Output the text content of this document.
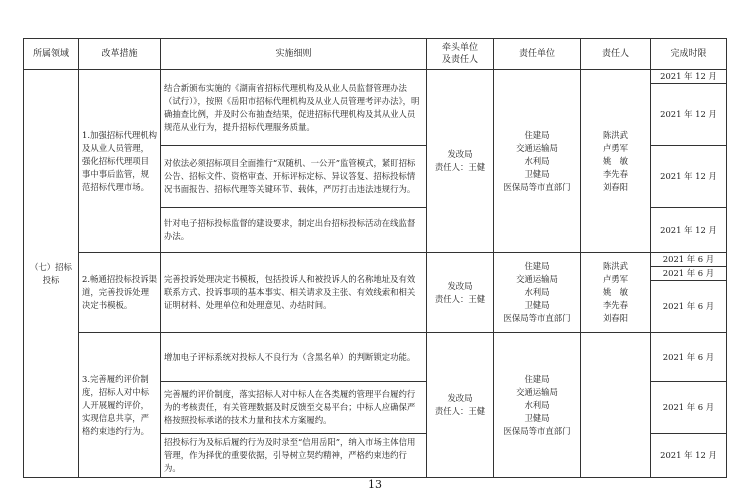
所属领域	改革措施	实施细则	牵头单位
及责任人	责任单位	责任人	完成时限
（七）招标投标	1.加强招标代理机构及从业人员管理，强化招标代理项目事中事后监管，规范招标代理市场。	结合新颁布实施的《湖南省招标代理机构及从业人员监督管理办法（试行）》，按照《岳阳市招标代理机构及从业人员管理考评办法》，明确抽查比例，并及时公布抽查结果，促进招标代理机构及其从业人员规范从业行为，提升招标代理服务质量。	发改局
责任人：王健	住建局
交通运输局
水利局
卫健局
医保局等市直部门	陈洪武
卢勇军
姚　敏
李先春
刘春阳	2021 年 12 月
						2021 年 12 月
		对依法必须招标项目全面推行“双随机、一公开”监管模式，紧盯招标公告、招标文件、资格审查、开标评标定标、异议答复、招标投标情况书面报告、招标代理等关键环节、载体，严厉打击违法违规行为。				2021 年 12 月

		针对电子招标投标监督的建设要求，制定出台招标投标活动在线监督办法。				2021 年 12 月
	2.畅通招投标投诉渠道，完善投诉处理决定书模板。	完善投诉处理决定书模板，包括投诉人和被投诉人的名称地址及有效联系方式、投诉事项的基本事实、相关请求及主张、有效线索和相关证明材料、处理单位和处理意见、办结时间。	发改局
责任人：王健	住建局
交通运输局
水利局
卫健局
医保局等市直部门	陈洪武
卢勇军
姚　敏
李先春
刘春阳	2021 年 6 月
						2021 年 6 月
						2021 年 6 月
	3.完善履约评价制度，招标人对中标人开展履约评价，实现信息共享，严格约束违约行为。	增加电子评标系统对投标人不良行为（含黑名单）的判断锁定功能。	发改局
责任人：王健	住建局
交通运输局
水利局
卫健局
医保局等市直部门		2021 年 6 月
		完善履约评价制度，落实招标人对中标人在各类履约管理平台履约行为的考核责任，有关管理数据及时反馈至交易平台；中标人应确保严格按照投标承诺的技术力量和技术方案履约。				2021 年 6 月

		招投标行为及标后履约行为及时录至“信用岳阳”，纳入市场主体信用管理，作为择优的重要依据，引导树立契约精神，严格约束违约行为。				2021 年 12 月

13
